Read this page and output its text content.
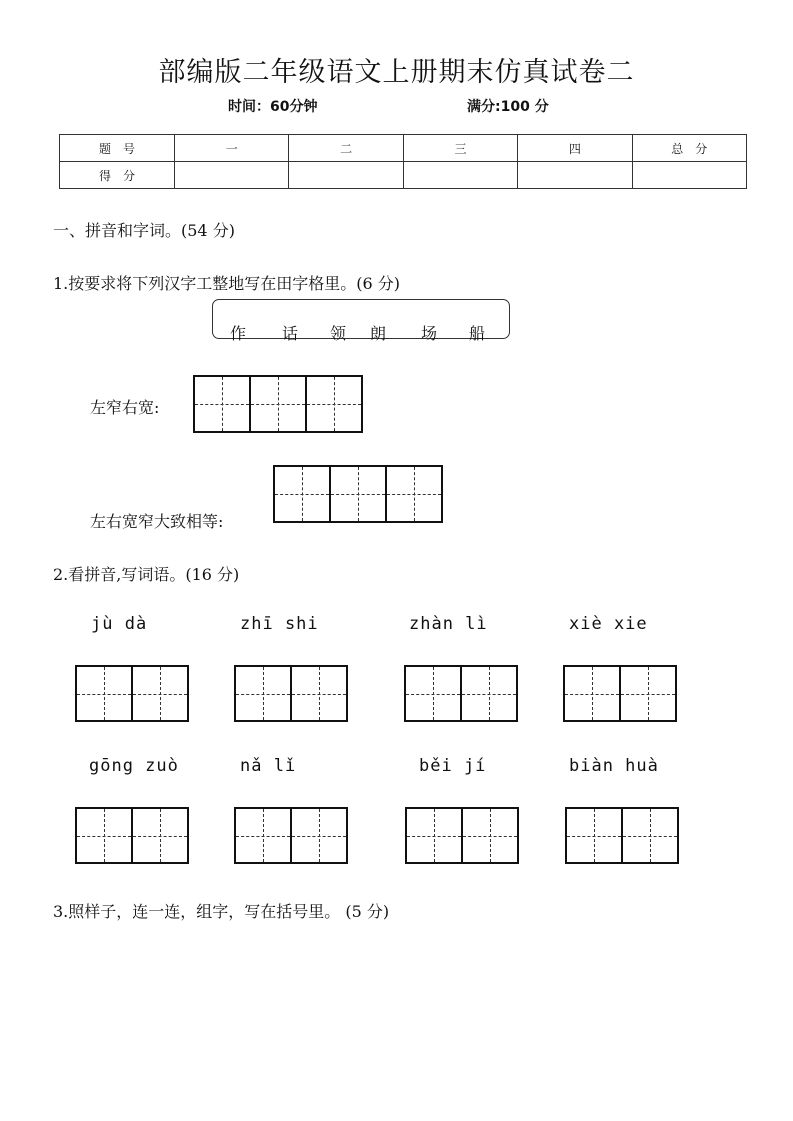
部编版二年级语文上册期末仿真试卷二
时间：60分钟	满分:100 分
题　号	一	二	三	四	总　分
得　分					
一、拼音和字词。(54 分)
1.按要求将下列汉字工整地写在田字格里。(6 分)
作 话 领 朗 场 船
左窄右宽:
左右宽窄大致相等:
2.看拼音,写词语。(16 分)
jù dà	zhī shi	zhàn lì	xiè xie
gōng zuò	nǎ lǐ	běi jí	biàn huà
3.照样子，连一连，组字，写在括号里。 (5 分)
